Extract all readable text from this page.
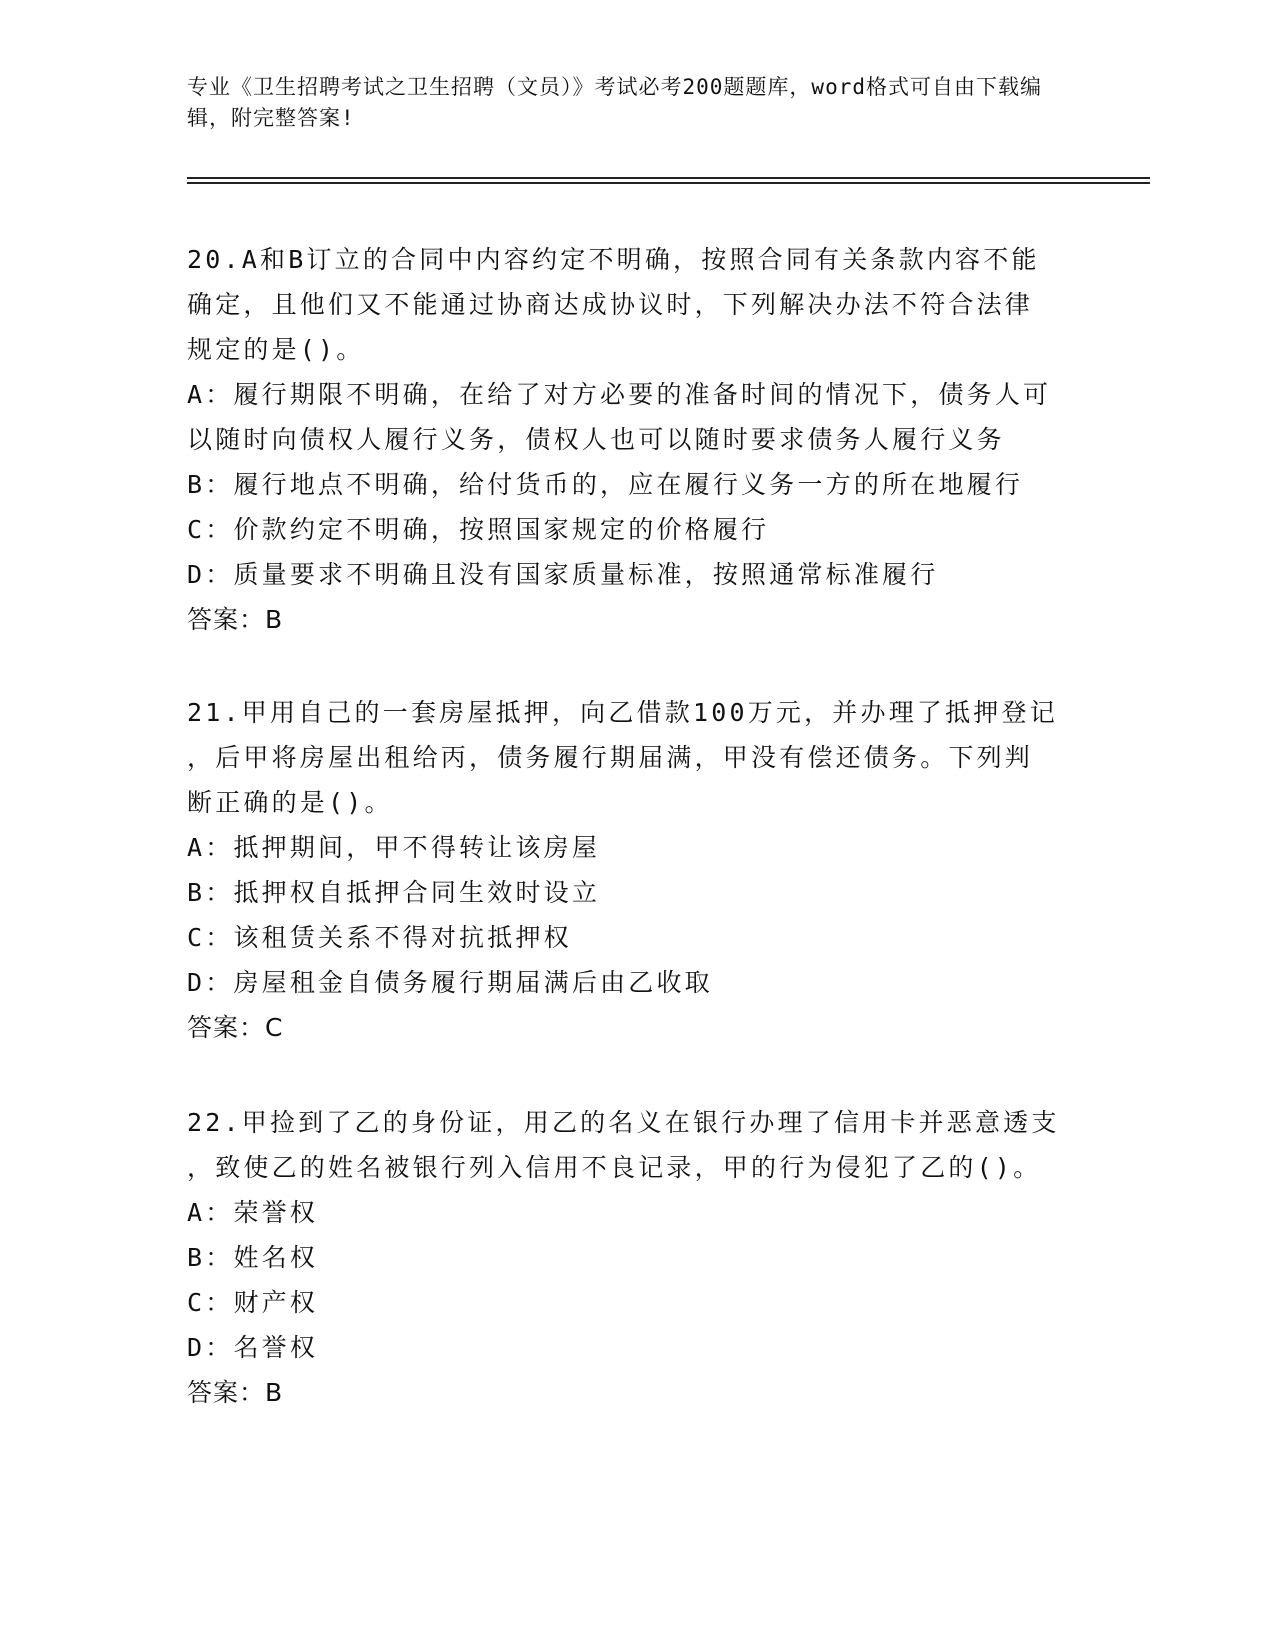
专业《卫生招聘考试之卫生招聘（文员）》考试必考200题题库，word格式可自由下载编辑，附完整答案!

20.A和B订立的合同中内容约定不明确，按照合同有关条款内容不能

确定，且他们又不能通过协商达成协议时，下列解决办法不符合法律

规定的是()。

A：履行期限不明确，在给了对方必要的准备时间的情况下，债务人可

以随时向债权人履行义务，债权人也可以随时要求债务人履行义务

B：履行地点不明确，给付货币的，应在履行义务一方的所在地履行

C：价款约定不明确，按照国家规定的价格履行

D：质量要求不明确且没有国家质量标准，按照通常标准履行

答案：B

21.甲用自己的一套房屋抵押，向乙借款100万元，并办理了抵押登记

，后甲将房屋出租给丙，债务履行期届满，甲没有偿还债务。下列判

断正确的是()。

A：抵押期间，甲不得转让该房屋

B：抵押权自抵押合同生效时设立

C：该租赁关系不得对抗抵押权

D：房屋租金自债务履行期届满后由乙收取

答案：C

22.甲捡到了乙的身份证，用乙的名义在银行办理了信用卡并恶意透支

，致使乙的姓名被银行列入信用不良记录，甲的行为侵犯了乙的()。

A：荣誉权

B：姓名权

C：财产权

D：名誉权

答案：B
